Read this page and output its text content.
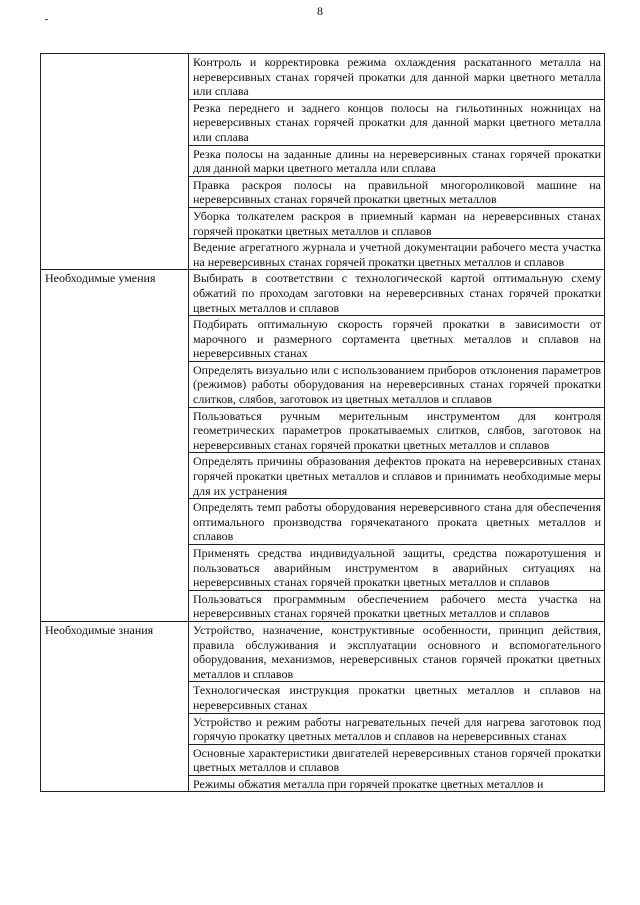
8
	Контроль и корректировка режима охлаждения раскатанного металла на нереверсивных станах горячей прокатки для данной марки цветного металла или сплава
	Резка переднего и заднего концов полосы на гильотинных ножницах на нереверсивных станах горячей прокатки для данной марки цветного металла или сплава
	Резка полосы на заданные длины на нереверсивных станах горячей прокатки для данной марки цветного металла или сплава
	Правка раскроя полосы на правильной многороликовой машине на нереверсивных станах горячей прокатки цветных металлов
	Уборка толкателем раскроя в приемный карман на нереверсивных станах горячей прокатки цветных металлов и сплавов
	Ведение агрегатного журнала и учетной документации рабочего места участка на нереверсивных станах горячей прокатки цветных металлов и сплавов
Необходимые умения	Выбирать в соответствии с технологической картой оптимальную схему обжатий по проходам заготовки на нереверсивных станах горячей прокатки цветных металлов и сплавов
	Подбирать оптимальную скорость горячей прокатки в зависимости от марочного и размерного сортамента цветных металлов и сплавов на нереверсивных станах
	Определять визуально или с использованием приборов отклонения параметров (режимов) работы оборудования на нереверсивных станах горячей прокатки слитков, слябов, заготовок из цветных металлов и сплавов
	Пользоваться ручным мерительным инструментом для контроля геометрических параметров прокатываемых слитков, слябов, заготовок на нереверсивных станах горячей прокатки цветных металлов и сплавов
	Определять причины образования дефектов проката на нереверсивных станах горячей прокатки цветных металлов и сплавов и принимать необходимые меры для их устранения
	Определять темп работы оборудования нереверсивного стана для обеспечения оптимального производства горячекатаного проката цветных металлов и сплавов
	Применять средства индивидуальной защиты, средства пожаротушения и пользоваться аварийным инструментом в аварийных ситуациях на нереверсивных станах горячей прокатки цветных металлов и сплавов
	Пользоваться программным обеспечением рабочего места участка на нереверсивных станах горячей прокатки цветных металлов и сплавов
Необходимые знания	Устройство, назначение, конструктивные особенности, принцип действия, правила обслуживания и эксплуатации основного и вспомогательного оборудования, механизмов, нереверсивных станов горячей прокатки цветных металлов и сплавов
	Технологическая инструкция прокатки цветных металлов и сплавов на нереверсивных станах
	Устройство и режим работы нагревательных печей для нагрева заготовок под горячую прокатку цветных металлов и сплавов на нереверсивных станах
	Основные характеристики двигателей нереверсивных станов горячей прокатки цветных металлов и сплавов

	Режимы обжатия металла при горячей прокатке цветных металлов и
